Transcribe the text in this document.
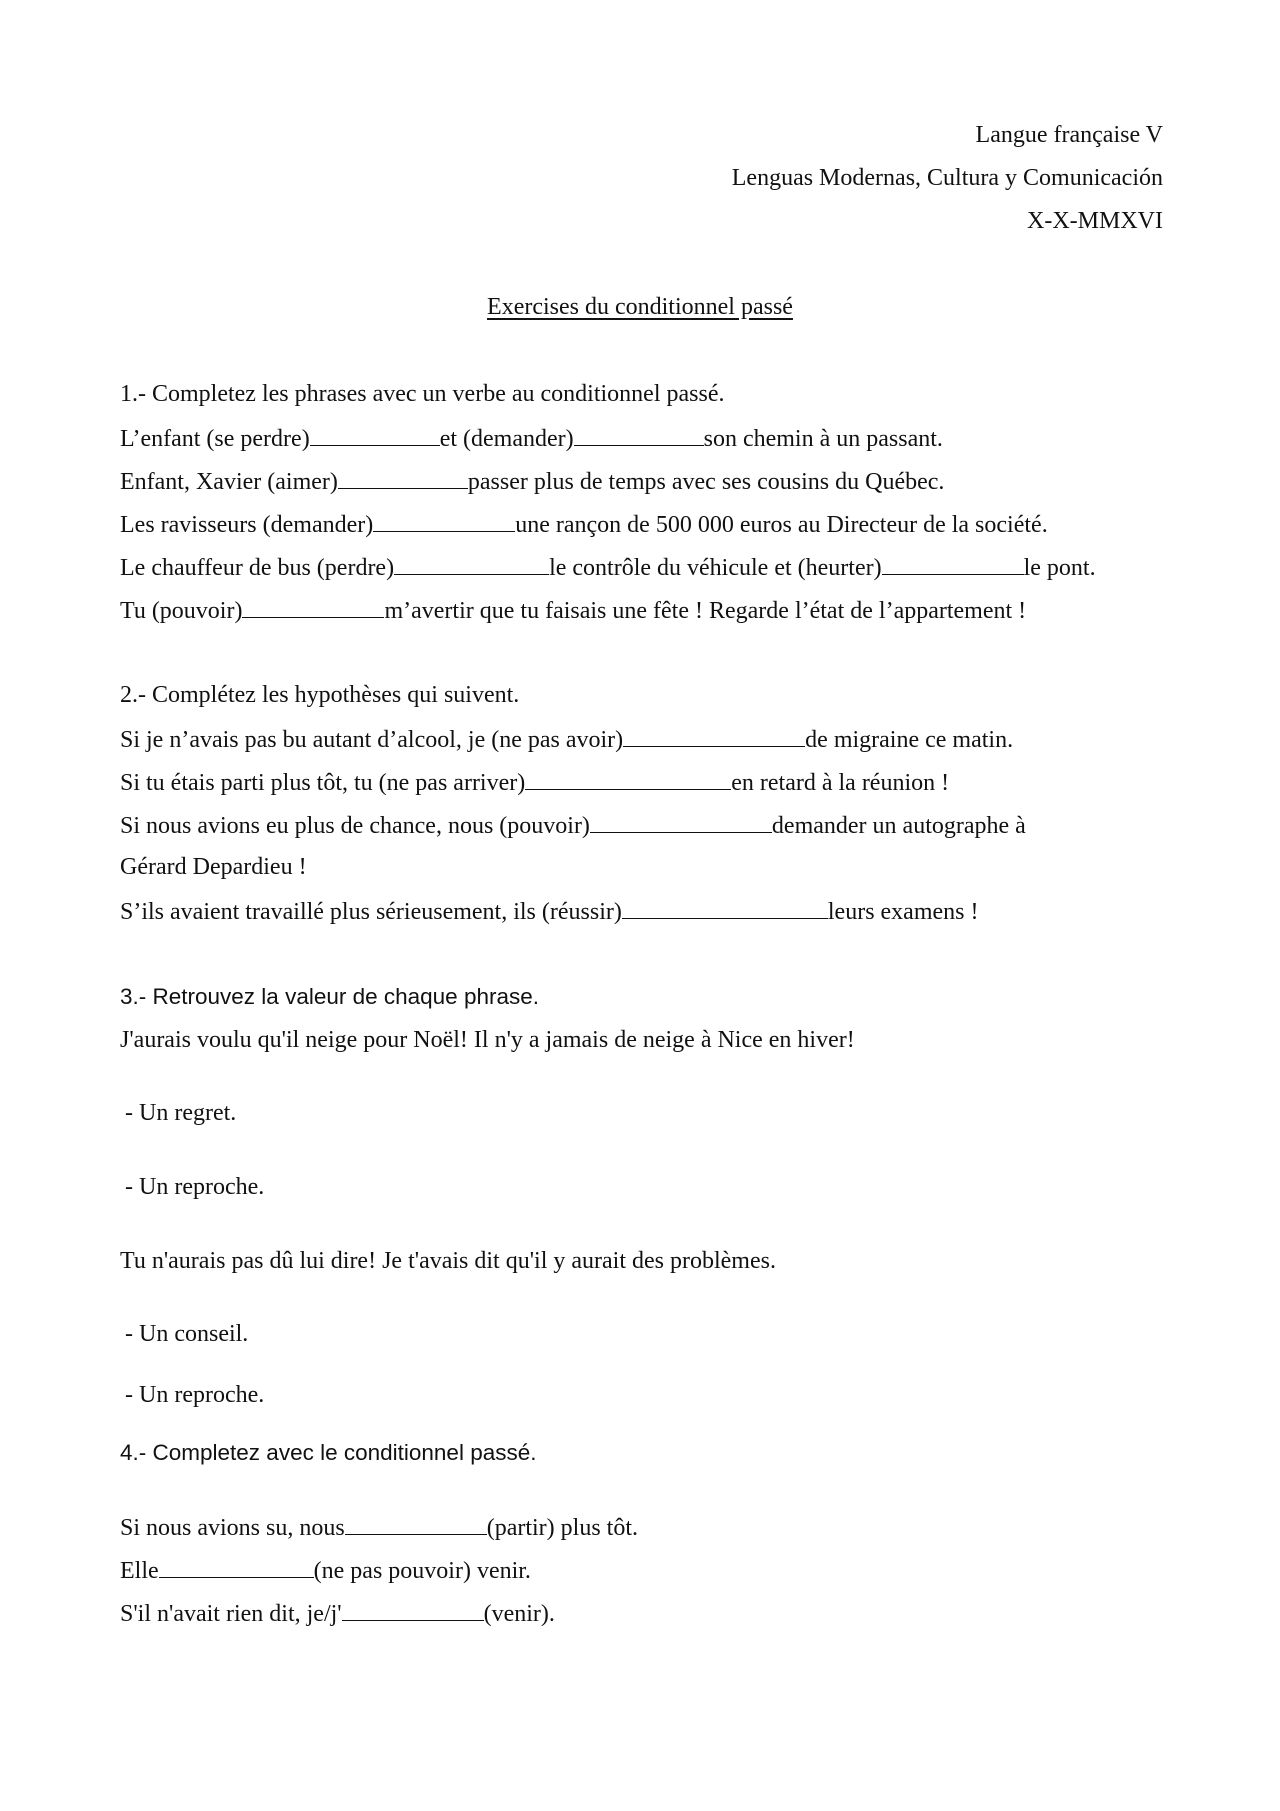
Langue française V
Lenguas Modernas, Cultura y Comunicación
X-X-MMXVI
Exercises du conditionnel passé
1.- Completez les phrases avec un verbe au conditionnel passé.
L’enfant (se perdre)	et (demander)	son chemin à un passant.
Enfant, Xavier (aimer)	passer plus de temps avec ses cousins du Québec.
Les ravisseurs (demander)	une rançon de 500 000 euros au Directeur de la société.
Le chauffeur de bus (perdre)	le contrôle du véhicule et (heurter)	le pont.
Tu (pouvoir)	m’avertir que tu faisais une fête ! Regarde l’état de l’appartement !
2.- Complétez les hypothèses qui suivent.
Si je n’avais pas bu autant d’alcool, je (ne pas avoir)	de migraine ce matin.
Si tu étais parti plus tôt, tu (ne pas arriver)	en retard à la réunion !
Si nous avions eu plus de chance, nous (pouvoir)	demander un autographe à
Gérard Depardieu !
S’ils avaient travaillé plus sérieusement, ils (réussir)	leurs examens !
3.- Retrouvez la valeur de chaque phrase.
J'aurais voulu qu'il neige pour Noël! Il n'y a jamais de neige à Nice en hiver!
- Un regret.
- Un reproche.
Tu n'aurais pas dû lui dire! Je t'avais dit qu'il y aurait des problèmes.
- Un conseil.
- Un reproche.
4.- Completez avec le conditionnel passé.
Si nous avions su, nous	(partir) plus tôt.
Elle	(ne pas pouvoir) venir.
S'il n'avait rien dit, je/j'	(venir).
